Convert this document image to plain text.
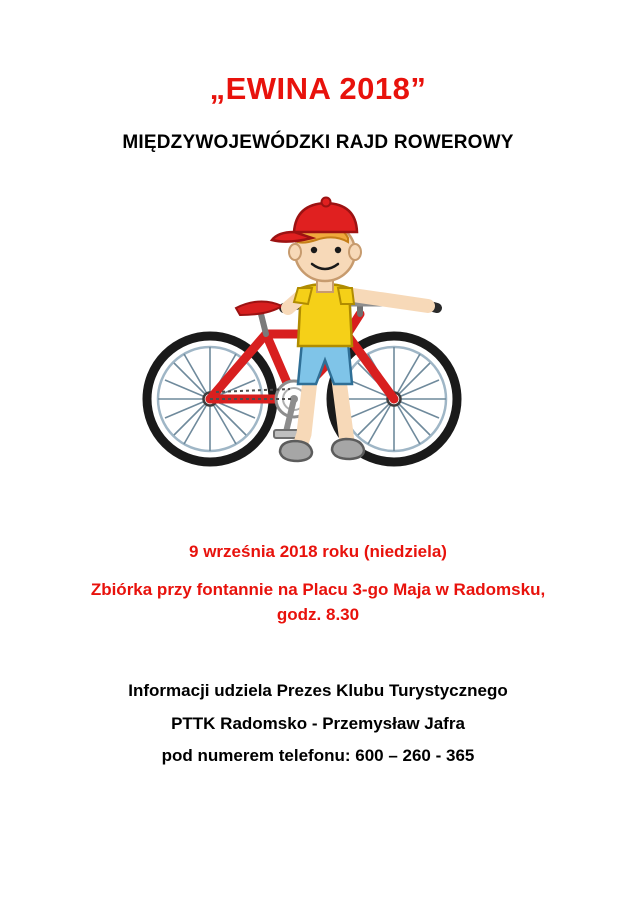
„EWINA 2018”
MIĘDZYWOJEWÓDZKI RAJD ROWEROWY
9 września 2018 roku (niedziela)
Zbiórka przy fontannie na Placu 3-go Maja w Radomsku, godz. 8.30
Informacji udziela Prezes Klubu Turystycznego
PTTK Radomsko - Przemysław Jafra
pod numerem telefonu: 600 – 260 - 365
